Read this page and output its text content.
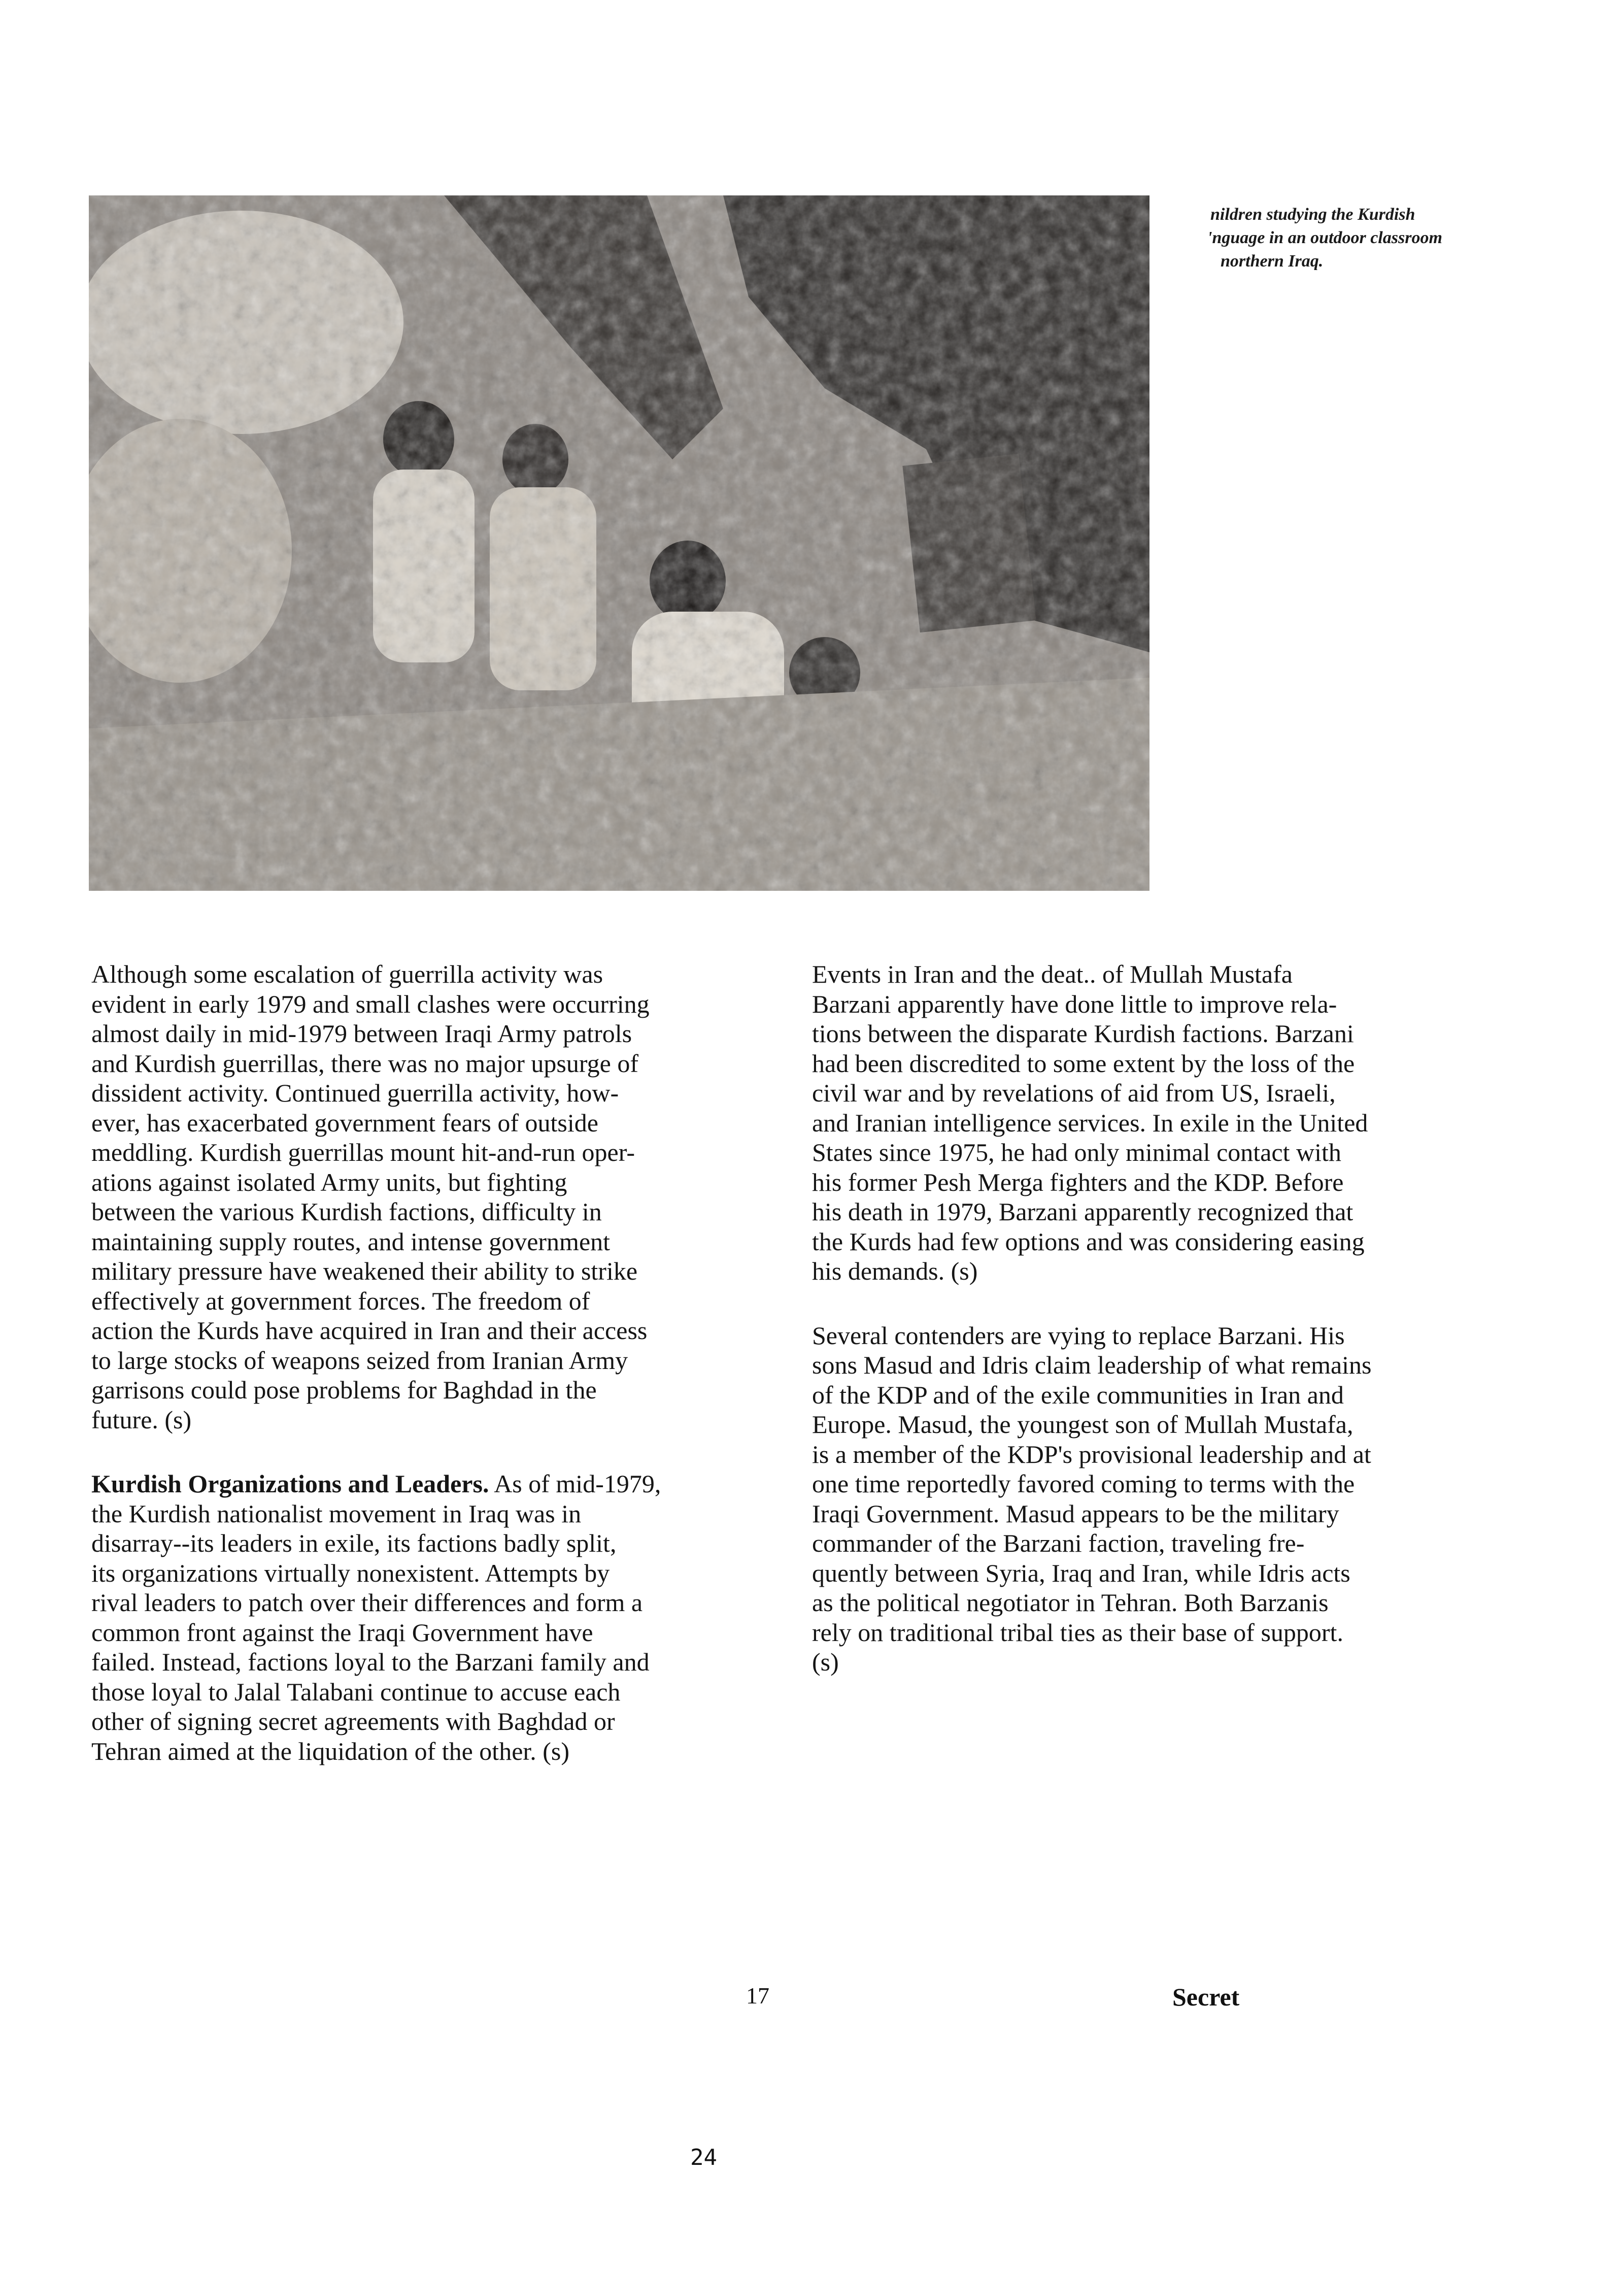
nildren studying the Kurdish
'nguage in an outdoor classroom
northern Iraq.

Although some escalation of guerrilla activity was
evident in early 1979 and small clashes were occurring
almost daily in mid-1979 between Iraqi Army patrols
and Kurdish guerrillas, there was no major upsurge of
dissident activity. Continued guerrilla activity, how-
ever, has exacerbated government fears of outside
meddling. Kurdish guerrillas mount hit-and-run oper-
ations against isolated Army units, but fighting
between the various Kurdish factions, difficulty in
maintaining supply routes, and intense government
military pressure have weakened their ability to strike
effectively at government forces. The freedom of
action the Kurds have acquired in Iran and their access
to large stocks of weapons seized from Iranian Army
garrisons could pose problems for Baghdad in the
future. (s)

Kurdish Organizations and Leaders. As of mid-1979,
the Kurdish nationalist movement in Iraq was in
disarray--its leaders in exile, its factions badly split,
its organizations virtually nonexistent. Attempts by
rival leaders to patch over their differences and form a
common front against the Iraqi Government have
failed. Instead, factions loyal to the Barzani family and
those loyal to Jalal Talabani continue to accuse each
other of signing secret agreements with Baghdad or
Tehran aimed at the liquidation of the other. (s)

Events in Iran and the deat.. of Mullah Mustafa
Barzani apparently have done little to improve rela-
tions between the disparate Kurdish factions. Barzani
had been discredited to some extent by the loss of the
civil war and by revelations of aid from US, Israeli,
and Iranian intelligence services. In exile in the United
States since 1975, he had only minimal contact with
his former Pesh Merga fighters and the KDP. Before
his death in 1979, Barzani apparently recognized that
the Kurds had few options and was considering easing
his demands. (s)

Several contenders are vying to replace Barzani. His
sons Masud and Idris claim leadership of what remains
of the KDP and of the exile communities in Iran and
Europe. Masud, the youngest son of Mullah Mustafa,
is a member of the KDP's provisional leadership and at
one time reportedly favored coming to terms with the
Iraqi Government. Masud appears to be the military
commander of the Barzani faction, traveling fre-
quently between Syria, Iraq and Iran, while Idris acts
as the political negotiator in Tehran. Both Barzanis
rely on traditional tribal ties as their base of support.
(s)

17	Secret
24
